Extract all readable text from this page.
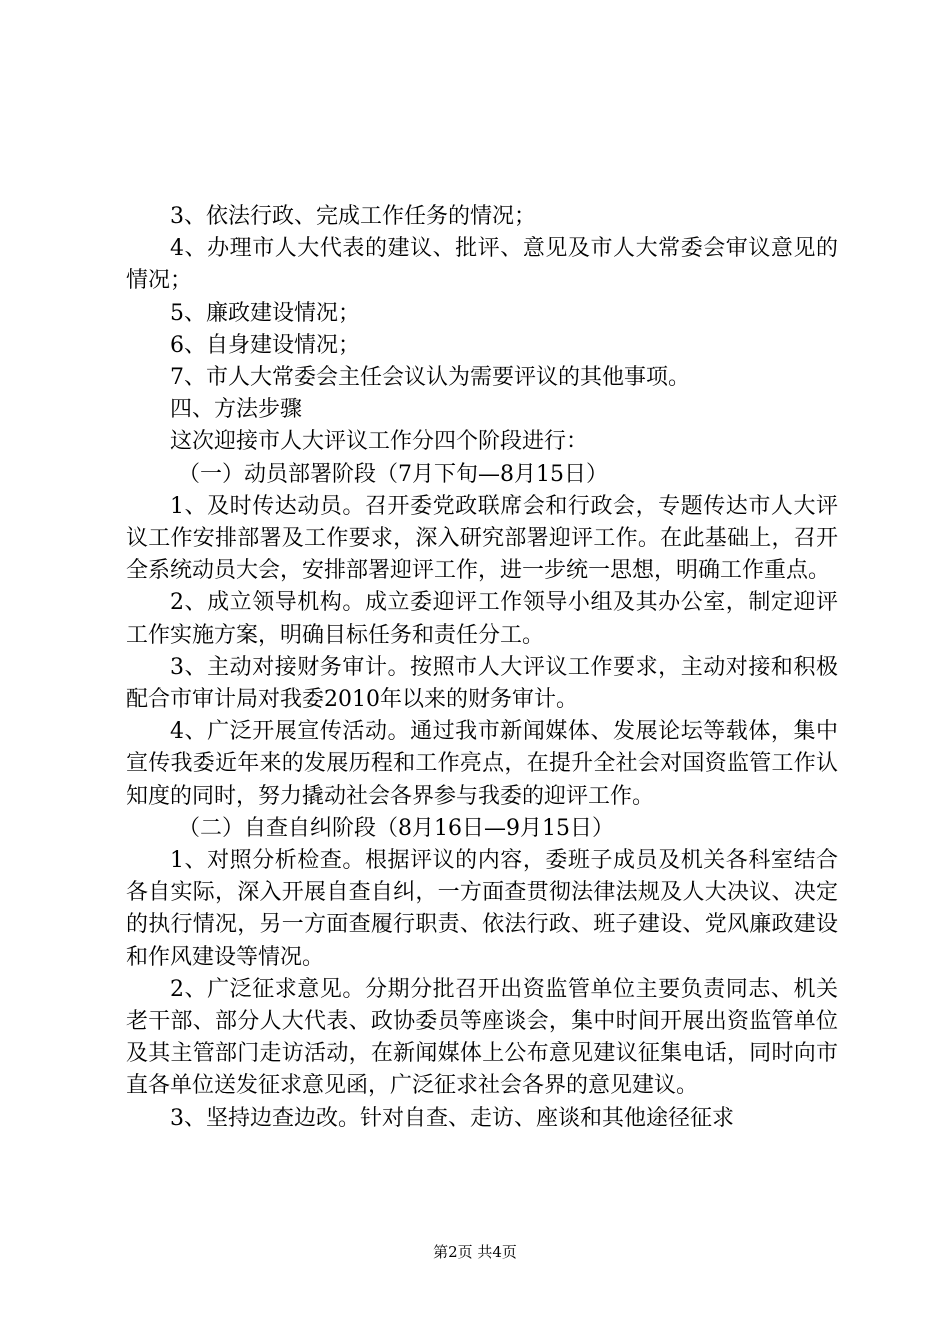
3、依法行政、完成工作任务的情况；

4、办理市人大代表的建议、批评、意见及市人大常委会审议意见的情况；

5、廉政建设情况；

6、自身建设情况；

7、市人大常委会主任会议认为需要评议的其他事项。

四、方法步骤

这次迎接市人大评议工作分四个阶段进行：

（一）动员部署阶段（7月下旬—8月15日）

1、及时传达动员。召开委党政联席会和行政会，专题传达市人大评议工作安排部署及工作要求，深入研究部署迎评工作。在此基础上，召开全系统动员大会，安排部署迎评工作，进一步统一思想，明确工作重点。

2、成立领导机构。成立委迎评工作领导小组及其办公室，制定迎评工作实施方案，明确目标任务和责任分工。

3、主动对接财务审计。按照市人大评议工作要求，主动对接和积极配合市审计局对我委2010年以来的财务审计。

4、广泛开展宣传活动。通过我市新闻媒体、发展论坛等载体，集中宣传我委近年来的发展历程和工作亮点，在提升全社会对国资监管工作认知度的同时，努力撬动社会各界参与我委的迎评工作。

（二）自查自纠阶段（8月16日—9月15日）

1、对照分析检查。根据评议的内容，委班子成员及机关各科室结合各自实际，深入开展自查自纠，一方面查贯彻法律法规及人大决议、决定的执行情况，另一方面查履行职责、依法行政、班子建设、党风廉政建设和作风建设等情况。

2、广泛征求意见。分期分批召开出资监管单位主要负责同志、机关老干部、部分人大代表、政协委员等座谈会，集中时间开展出资监管单位及其主管部门走访活动，在新闻媒体上公布意见建议征集电话，同时向市直各单位送发征求意见函，广泛征求社会各界的意见建议。

3、坚持边查边改。针对自查、走访、座谈和其他途径征求

第2页 共4页
